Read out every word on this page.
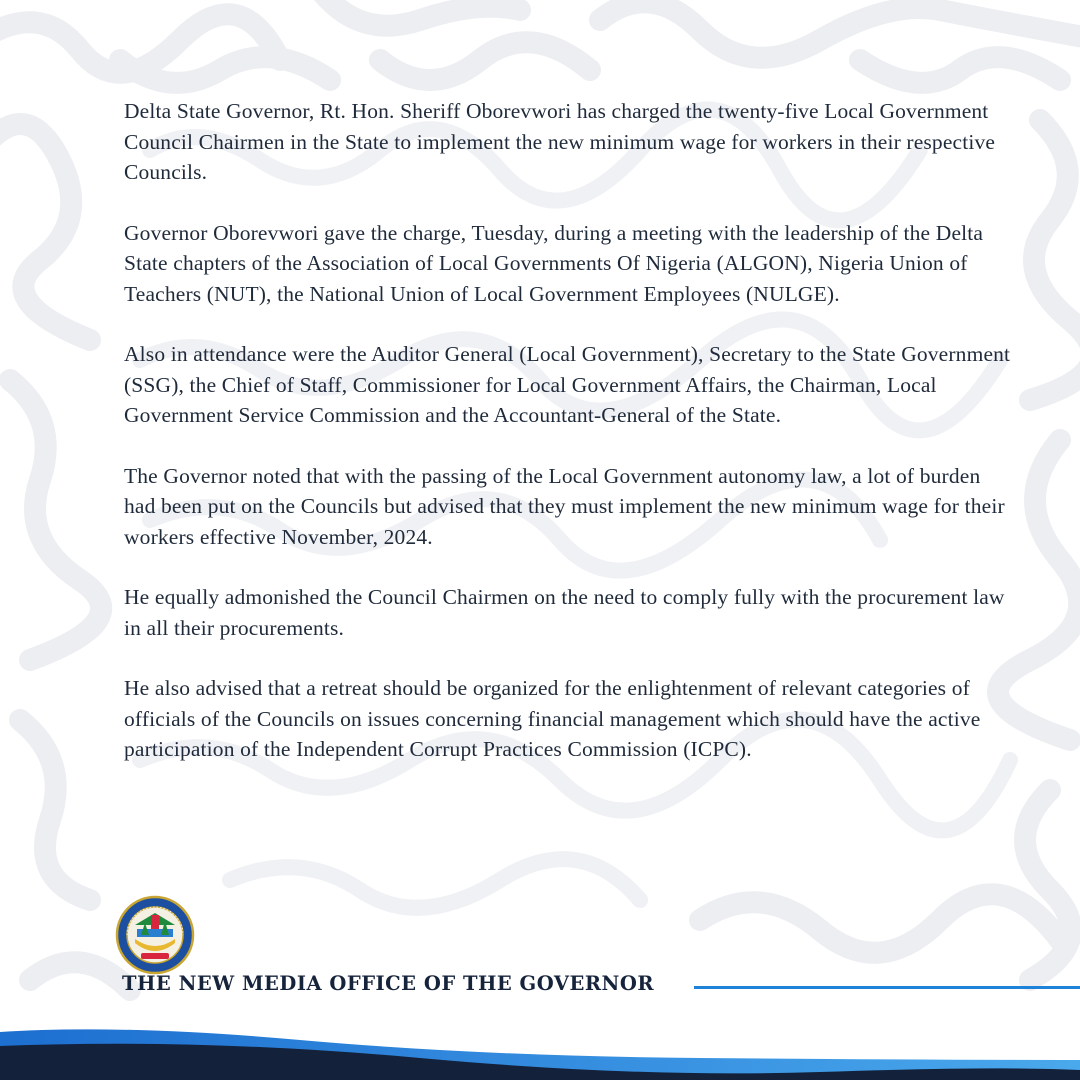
Delta State Governor, Rt. Hon. Sheriff Oborevwori has charged the twenty-five Local Government Council Chairmen in the State to implement the new minimum wage for workers in their respective Councils.

Governor Oborevwori gave the charge, Tuesday, during a meeting with the leadership of the Delta State chapters of the Association of Local Governments Of Nigeria (ALGON), Nigeria Union of Teachers (NUT), the National Union of Local Government Employees (NULGE).

Also in attendance were the Auditor General (Local Government), Secretary to the State Government (SSG), the Chief of Staff, Commissioner for Local Government Affairs, the Chairman, Local Government Service Commission and the Accountant-General of the State.

The Governor noted that with the passing of the Local Government autonomy law, a lot of burden had been put on the Councils but advised that they must implement the new minimum wage for their workers effective November, 2024.

He equally admonished the Council Chairmen on the need to comply fully with the procurement law in all their procurements.

He also advised that a retreat should be organized for the enlightenment of relevant categories of officials of the Councils on issues concerning financial management which should have the active participation of the Independent Corrupt Practices Commission (ICPC).

THE NEW MEDIA OFFICE OF THE GOVERNOR
